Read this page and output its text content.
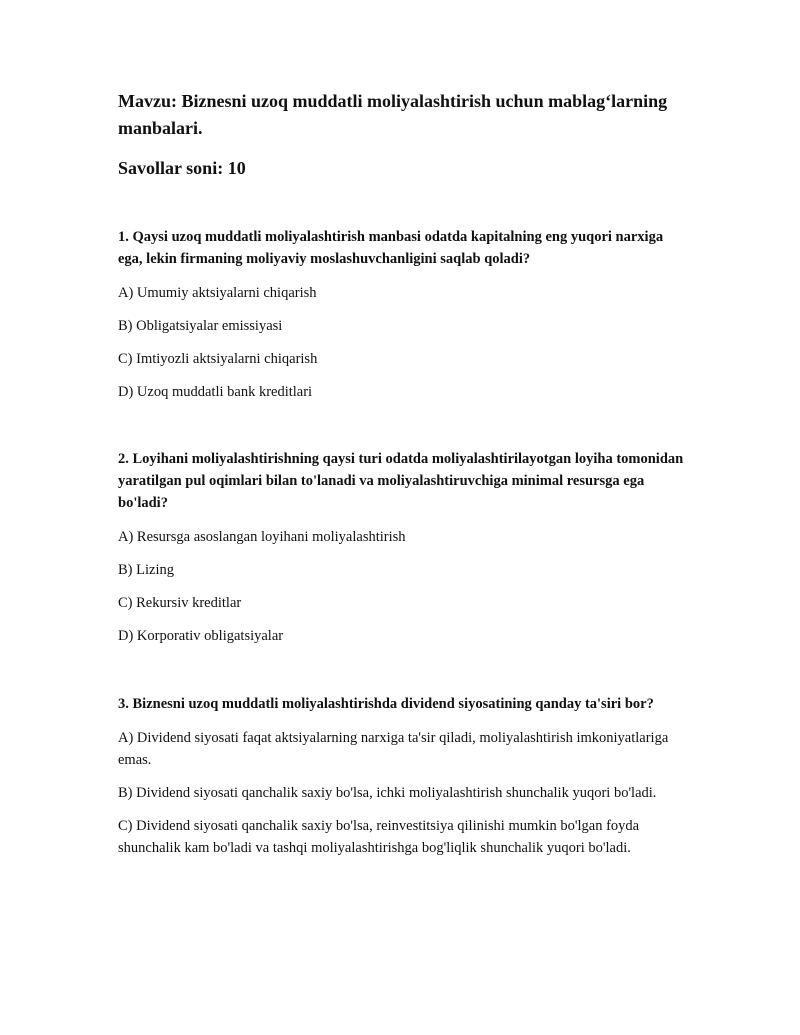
Mavzu: Biznesni uzoq muddatli moliyalashtirish uchun mablag‘larning manbalari.

Savollar soni: 10

1. Qaysi uzoq muddatli moliyalashtirish manbasi odatda kapitalning eng yuqori narxiga ega, lekin firmaning moliyaviy moslashuvchanligini saqlab qoladi?

A) Umumiy aktsiyalarni chiqarish
B) Obligatsiyalar emissiyasi
C) Imtiyozli aktsiyalarni chiqarish
D) Uzoq muddatli bank kreditlari

2. Loyihani moliyalashtirishning qaysi turi odatda moliyalashtirilayotgan loyiha tomonidan yaratilgan pul oqimlari bilan to'lanadi va moliyalashtiruvchiga minimal resursga ega bo'ladi?

A) Resursga asoslangan loyihani moliyalashtirish
B) Lizing
C) Rekursiv kreditlar
D) Korporativ obligatsiyalar

3. Biznesni uzoq muddatli moliyalashtirishda dividend siyosatining qanday ta'siri bor?

A) Dividend siyosati faqat aktsiyalarning narxiga ta'sir qiladi, moliyalashtirish imkoniyatlariga emas.
B) Dividend siyosati qanchalik saxiy bo'lsa, ichki moliyalashtirish shunchalik yuqori bo'ladi.
C) Dividend siyosati qanchalik saxiy bo'lsa, reinvestitsiya qilinishi mumkin bo'lgan foyda shunchalik kam bo'ladi va tashqi moliyalashtirishga bog'liqlik shunchalik yuqori bo'ladi.
